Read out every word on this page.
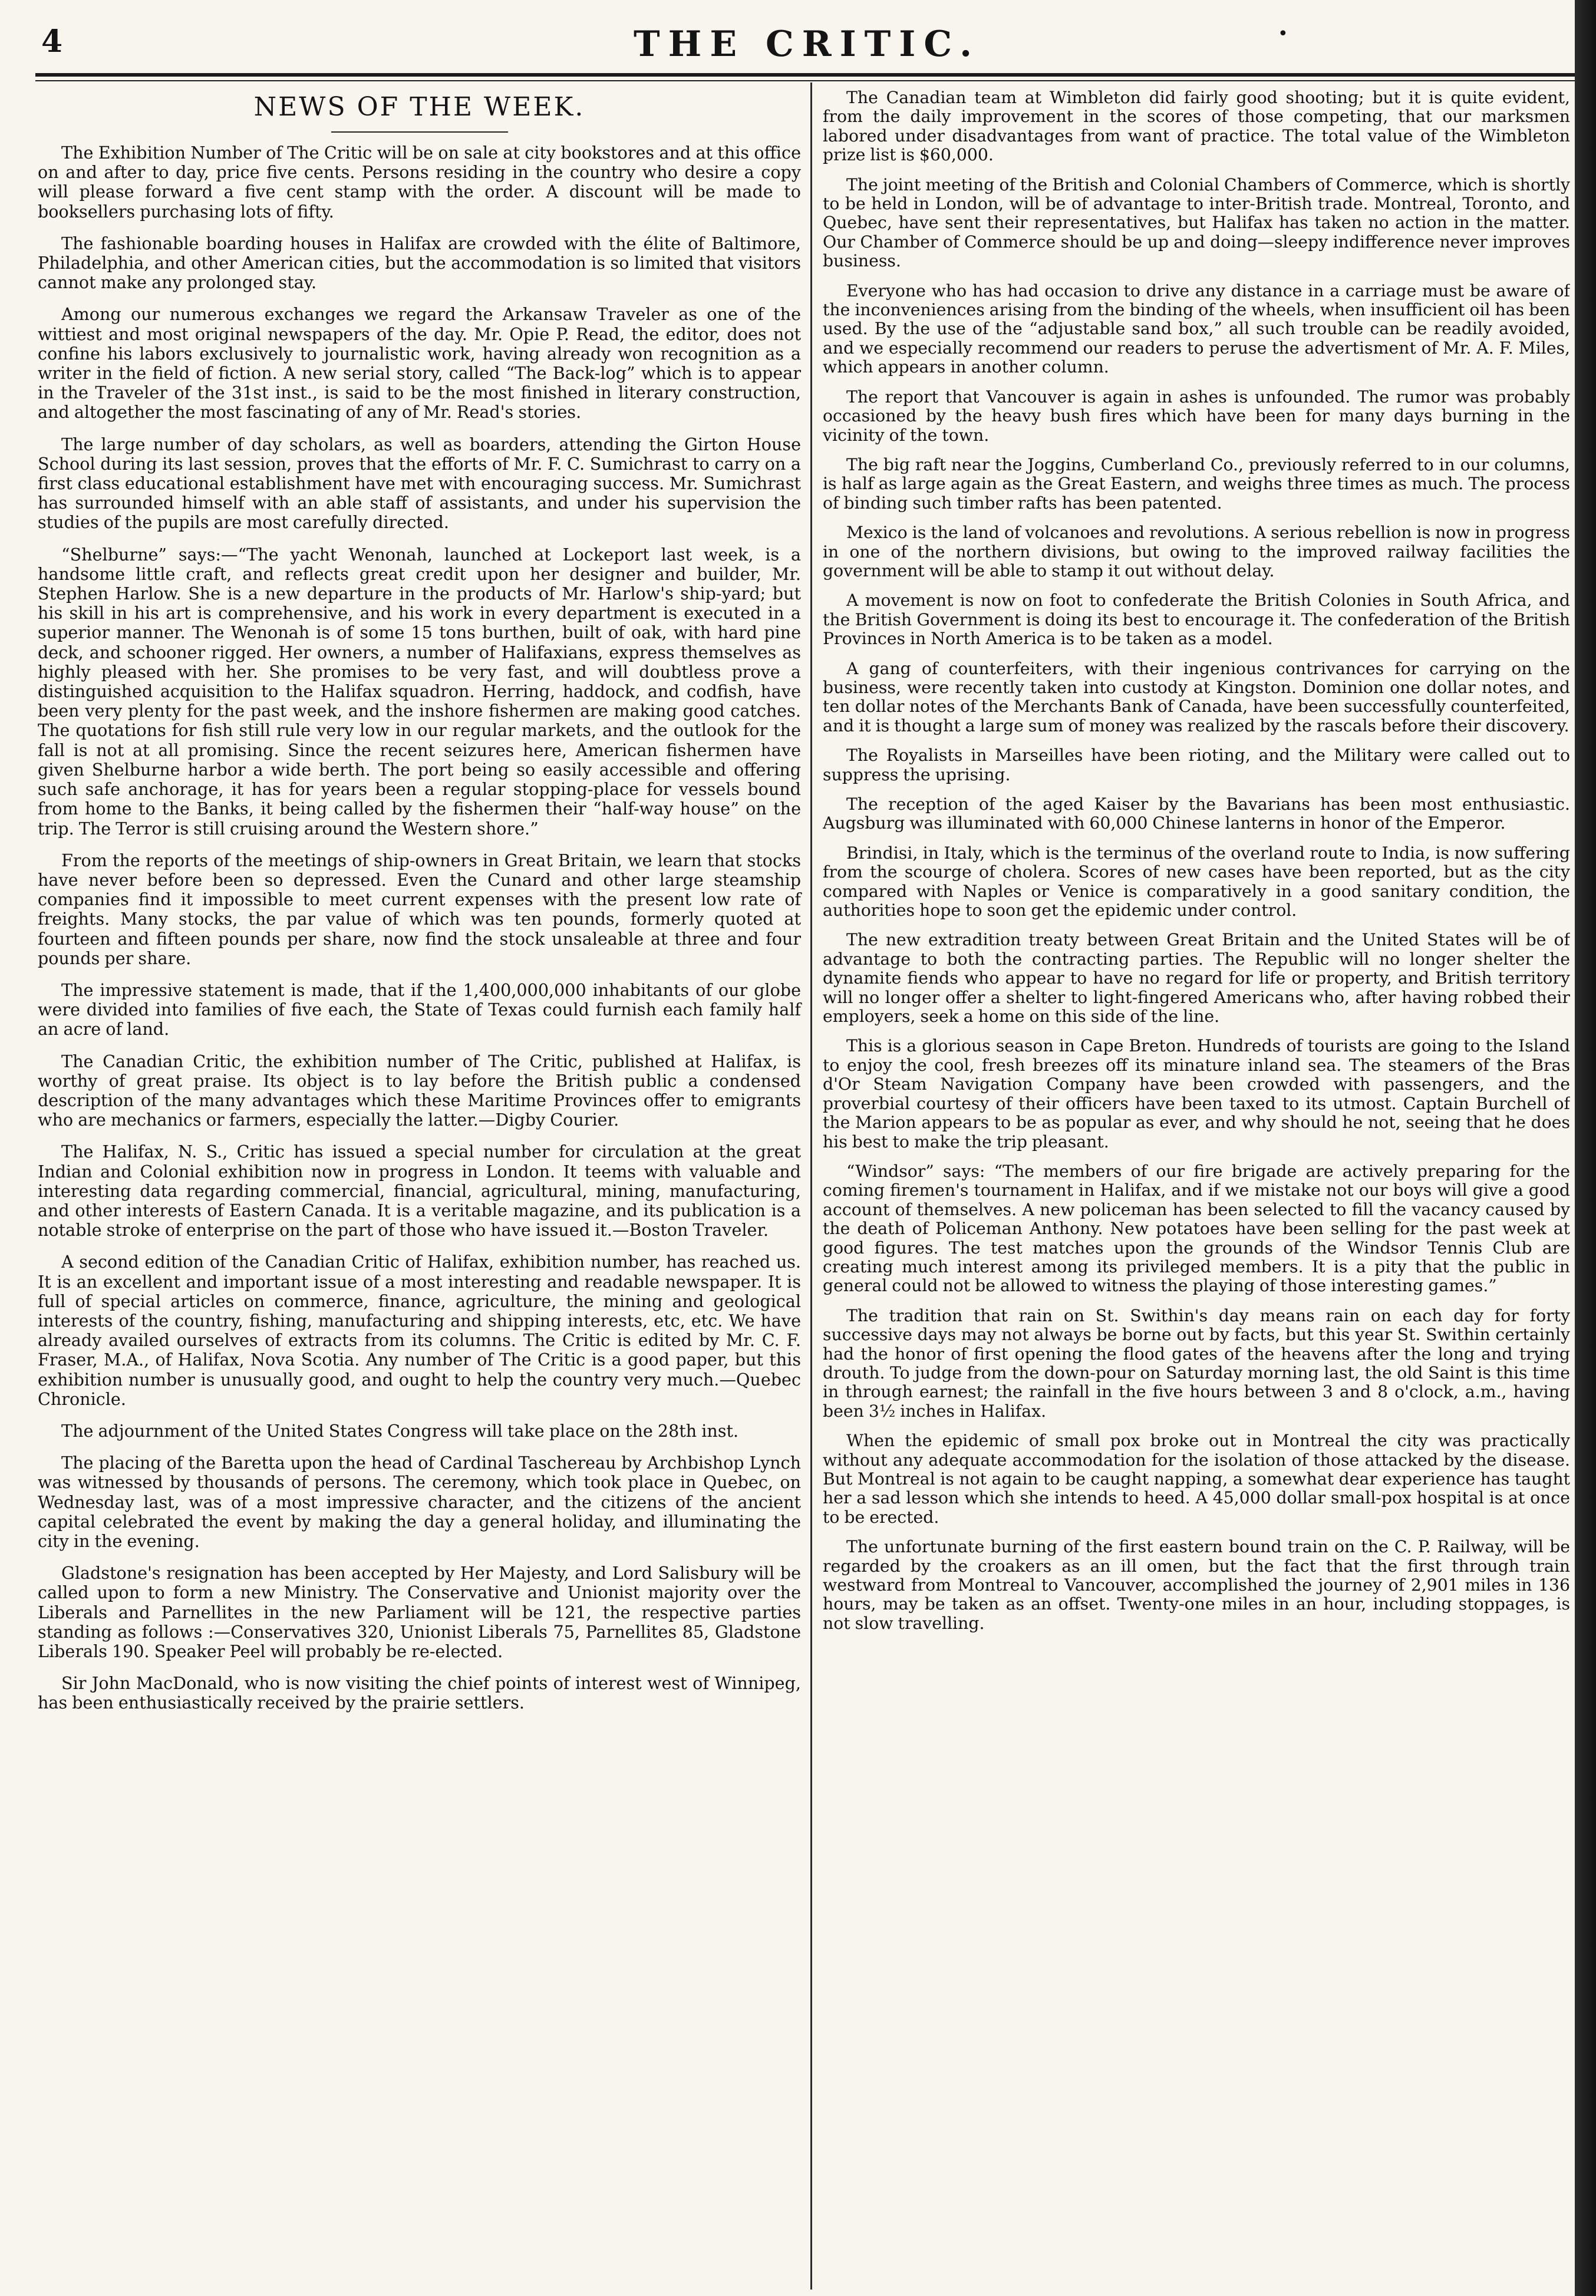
4	THE CRITIC.	•
NEWS OF THE WEEK.

The Exhibition Number of The Critic will be on sale at city bookstores and at this office on and after to day, price five cents. Persons residing in the country who desire a copy will please forward a five cent stamp with the order. A discount will be made to booksellers purchasing lots of fifty.

The fashionable boarding houses in Halifax are crowded with the élite of Baltimore, Philadelphia, and other American cities, but the accommodation is so limited that visitors cannot make any prolonged stay.

Among our numerous exchanges we regard the Arkansaw Traveler as one of the wittiest and most original newspapers of the day. Mr. Opie P. Read, the editor, does not confine his labors exclusively to journalistic work, having already won recognition as a writer in the field of fiction. A new serial story, called “The Back-log” which is to appear in the Traveler of the 31st inst., is said to be the most finished in literary construction, and altogether the most fascinating of any of Mr. Read's stories.

The large number of day scholars, as well as boarders, attending the Girton House School during its last session, proves that the efforts of Mr. F. C. Sumichrast to carry on a first class educational establishment have met with encouraging success. Mr. Sumichrast has surrounded himself with an able staff of assistants, and under his supervision the studies of the pupils are most carefully directed.

“Shelburne” says:—“The yacht Wenonah, launched at Lockeport last week, is a handsome little craft, and reflects great credit upon her designer and builder, Mr. Stephen Harlow. She is a new departure in the products of Mr. Harlow's ship-yard; but his skill in his art is comprehensive, and his work in every department is executed in a superior manner. The Wenonah is of some 15 tons burthen, built of oak, with hard pine deck, and schooner rigged. Her owners, a number of Halifaxians, express themselves as highly pleased with her. She promises to be very fast, and will doubtless prove a distinguished acquisition to the Halifax squadron. Herring, haddock, and codfish, have been very plenty for the past week, and the inshore fishermen are making good catches. The quotations for fish still rule very low in our regular markets, and the outlook for the fall is not at all promising. Since the recent seizures here, American fishermen have given Shelburne harbor a wide berth. The port being so easily accessible and offering such safe anchorage, it has for years been a regular stopping-place for vessels bound from home to the Banks, it being called by the fishermen their “half-way house” on the trip. The Terror is still cruising around the Western shore.”

From the reports of the meetings of ship-owners in Great Britain, we learn that stocks have never before been so depressed. Even the Cunard and other large steamship companies find it impossible to meet current expenses with the present low rate of freights. Many stocks, the par value of which was ten pounds, formerly quoted at fourteen and fifteen pounds per share, now find the stock unsaleable at three and four pounds per share.

The impressive statement is made, that if the 1,400,000,000 inhabitants of our globe were divided into families of five each, the State of Texas could furnish each family half an acre of land.

The Canadian Critic, the exhibition number of The Critic, published at Halifax, is worthy of great praise. Its object is to lay before the British public a condensed description of the many advantages which these Maritime Provinces offer to emigrants who are mechanics or farmers, especially the latter.—Digby Courier.

The Halifax, N. S., Critic has issued a special number for circulation at the great Indian and Colonial exhibition now in progress in London. It teems with valuable and interesting data regarding commercial, financial, agricultural, mining, manufacturing, and other interests of Eastern Canada. It is a veritable magazine, and its publication is a notable stroke of enterprise on the part of those who have issued it.—Boston Traveler.

A second edition of the Canadian Critic of Halifax, exhibition number, has reached us. It is an excellent and important issue of a most interesting and readable newspaper. It is full of special articles on commerce, finance, agriculture, the mining and geological interests of the country, fishing, manufacturing and shipping interests, etc, etc. We have already availed ourselves of extracts from its columns. The Critic is edited by Mr. C. F. Fraser, M.A., of Halifax, Nova Scotia. Any number of The Critic is a good paper, but this exhibition number is unusually good, and ought to help the country very much.—Quebec Chronicle.

The adjournment of the United States Congress will take place on the 28th inst.

The placing of the Baretta upon the head of Cardinal Taschereau by Archbishop Lynch was witnessed by thousands of persons. The ceremony, which took place in Quebec, on Wednesday last, was of a most impressive character, and the citizens of the ancient capital celebrated the event by making the day a general holiday, and illuminating the city in the evening.

Gladstone's resignation has been accepted by Her Majesty, and Lord Salisbury will be called upon to form a new Ministry. The Conservative and Unionist majority over the Liberals and Parnellites in the new Parliament will be 121, the respective parties standing as follows :—Conservatives 320, Unionist Liberals 75, Parnellites 85, Gladstone Liberals 190. Speaker Peel will probably be re-elected.

Sir John MacDonald, who is now visiting the chief points of interest west of Winnipeg, has been enthusiastically received by the prairie settlers.

The Canadian team at Wimbleton did fairly good shooting; but it is quite evident, from the daily improvement in the scores of those competing, that our marksmen labored under disadvantages from want of practice. The total value of the Wimbleton prize list is $60,000.

The joint meeting of the British and Colonial Chambers of Commerce, which is shortly to be held in London, will be of advantage to inter-British trade. Montreal, Toronto, and Quebec, have sent their representatives, but Halifax has taken no action in the matter. Our Chamber of Commerce should be up and doing—sleepy indifference never improves business.

Everyone who has had occasion to drive any distance in a carriage must be aware of the inconveniences arising from the binding of the wheels, when insufficient oil has been used. By the use of the “adjustable sand box,” all such trouble can be readily avoided, and we especially recommend our readers to peruse the advertisment of Mr. A. F. Miles, which appears in another column.

The report that Vancouver is again in ashes is unfounded. The rumor was probably occasioned by the heavy bush fires which have been for many days burning in the vicinity of the town.

The big raft near the Joggins, Cumberland Co., previously referred to in our columns, is half as large again as the Great Eastern, and weighs three times as much. The process of binding such timber rafts has been patented.

Mexico is the land of volcanoes and revolutions. A serious rebellion is now in progress in one of the northern divisions, but owing to the improved railway facilities the government will be able to stamp it out without delay.

A movement is now on foot to confederate the British Colonies in South Africa, and the British Government is doing its best to encourage it. The confederation of the British Provinces in North America is to be taken as a model.

A gang of counterfeiters, with their ingenious contrivances for carrying on the business, were recently taken into custody at Kingston. Dominion one dollar notes, and ten dollar notes of the Merchants Bank of Canada, have been successfully counterfeited, and it is thought a large sum of money was realized by the rascals before their discovery.

The Royalists in Marseilles have been rioting, and the Military were called out to suppress the uprising.

The reception of the aged Kaiser by the Bavarians has been most enthusiastic. Augsburg was illuminated with 60,000 Chinese lanterns in honor of the Emperor.

Brindisi, in Italy, which is the terminus of the overland route to India, is now suffering from the scourge of cholera. Scores of new cases have been reported, but as the city compared with Naples or Venice is comparatively in a good sanitary condition, the authorities hope to soon get the epidemic under control.

The new extradition treaty between Great Britain and the United States will be of advantage to both the contracting parties. The Republic will no longer shelter the dynamite fiends who appear to have no regard for life or property, and British territory will no longer offer a shelter to light-fingered Americans who, after having robbed their employers, seek a home on this side of the line.

This is a glorious season in Cape Breton. Hundreds of tourists are going to the Island to enjoy the cool, fresh breezes off its minature inland sea. The steamers of the Bras d'Or Steam Navigation Company have been crowded with passengers, and the proverbial courtesy of their officers have been taxed to its utmost. Captain Burchell of the Marion appears to be as popular as ever, and why should he not, seeing that he does his best to make the trip pleasant.

“Windsor” says: “The members of our fire brigade are actively preparing for the coming firemen's tournament in Halifax, and if we mistake not our boys will give a good account of themselves. A new policeman has been selected to fill the vacancy caused by the death of Policeman Anthony. New potatoes have been selling for the past week at good figures. The test matches upon the grounds of the Windsor Tennis Club are creating much interest among its privileged members. It is a pity that the public in general could not be allowed to witness the playing of those interesting games.”

The tradition that rain on St. Swithin's day means rain on each day for forty successive days may not always be borne out by facts, but this year St. Swithin certainly had the honor of first opening the flood gates of the heavens after the long and trying drouth. To judge from the down-pour on Saturday morning last, the old Saint is this time in through earnest; the rainfall in the five hours between 3 and 8 o'clock, a.m., having been 3½ inches in Halifax.

When the epidemic of small pox broke out in Montreal the city was practically without any adequate accommodation for the isolation of those attacked by the disease. But Montreal is not again to be caught napping, a somewhat dear experience has taught her a sad lesson which she intends to heed. A 45,000 dollar small-pox hospital is at once to be erected.

The unfortunate burning of the first eastern bound train on the C. P. Railway, will be regarded by the croakers as an ill omen, but the fact that the first through train westward from Montreal to Vancouver, accomplished the journey of 2,901 miles in 136 hours, may be taken as an offset. Twenty-one miles in an hour, including stoppages, is not slow travelling.
